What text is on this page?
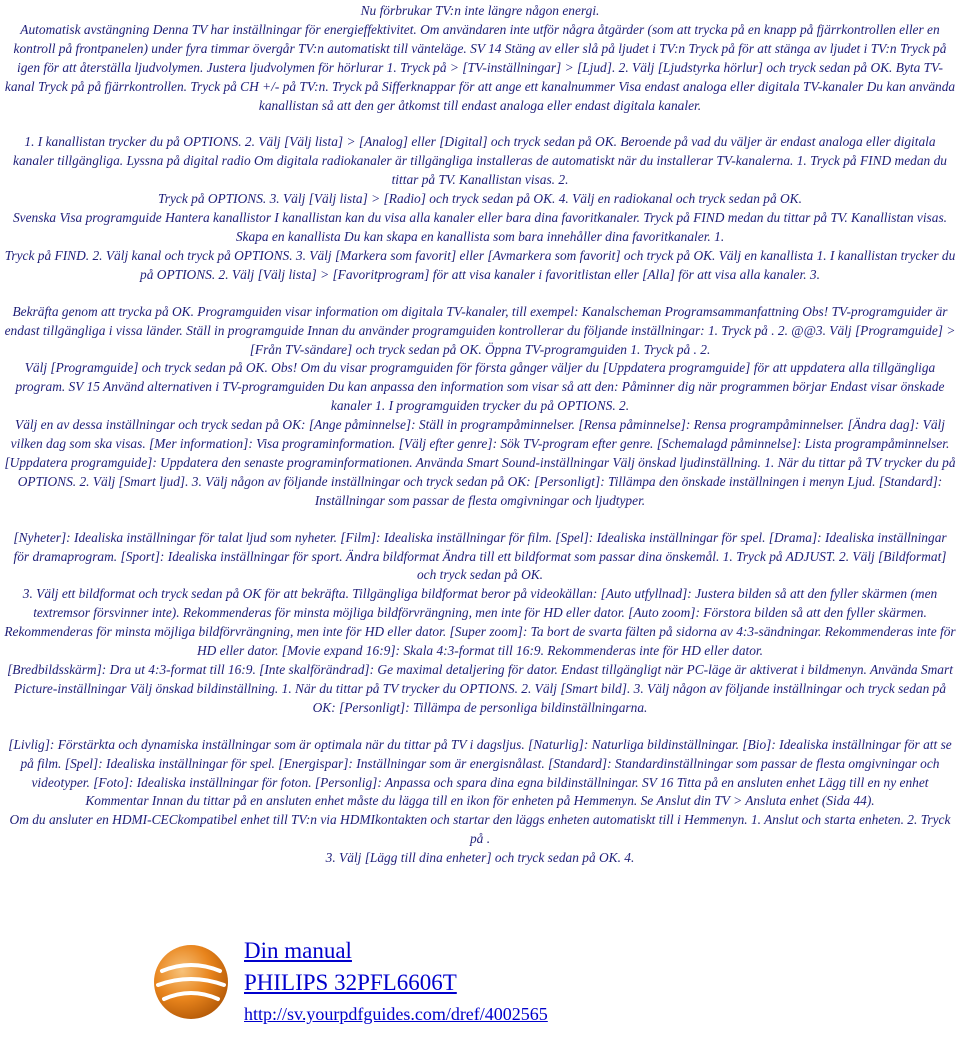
Nu förbrukar TV:n inte längre någon energi.

Automatisk avstängning Denna TV har inställningar för energieffektivitet. Om användaren inte utför några åtgärder (som att trycka på en knapp på fjärrkontrollen eller en kontroll på frontpanelen) under fyra timmar övergår TV:n automatiskt till vänteläge. SV 14 Stäng av eller slå på ljudet i TV:n Tryck på för att stänga av ljudet i TV:n Tryck på igen för att återställa ljudvolymen. Justera ljudvolymen för hörlurar 1. Tryck på > [TV-inställningar] > [Ljud]. 2. Välj [Ljudstyrka hörlur] och tryck sedan på OK. Byta TV-kanal Tryck på på fjärrkontrollen. Tryck på CH +/- på TV:n. Tryck på Sifferknappar för att ange ett kanalnummer Visa endast analoga eller digitala TV-kanaler Du kan använda kanallistan så att den ger åtkomst till endast analoga eller endast digitala kanaler.

1. I kanallistan trycker du på OPTIONS. 2. Välj [Välj lista] > [Analog] eller [Digital] och tryck sedan på OK. Beroende på vad du väljer är endast analoga eller digitala kanaler tillgängliga. Lyssna på digital radio Om digitala radiokanaler är tillgängliga installeras de automatiskt när du installerar TV-kanalerna. 1. Tryck på FIND medan du tittar på TV. Kanallistan visas. 2.

Tryck på OPTIONS. 3. Välj [Välj lista] > [Radio] och tryck sedan på OK. 4. Välj en radiokanal och tryck sedan på OK.

Svenska Visa programguide Hantera kanallistor I kanallistan kan du visa alla kanaler eller bara dina favoritkanaler. Tryck på FIND medan du tittar på TV. Kanallistan visas. Skapa en kanallista Du kan skapa en kanallista som bara innehåller dina favoritkanaler. 1.

Tryck på FIND. 2. Välj kanal och tryck på OPTIONS. 3. Välj [Markera som favorit] eller [Avmarkera som favorit] och tryck på OK. Välj en kanallista 1. I kanallistan trycker du på OPTIONS. 2. Välj [Välj lista] > [Favoritprogram] för att visa kanaler i favoritlistan eller [Alla] för att visa alla kanaler. 3.

Bekräfta genom att trycka på OK. Programguiden visar information om digitala TV-kanaler, till exempel: Kanalscheman Programsammanfattning Obs! TV-programguider är endast tillgängliga i vissa länder. Ställ in programguide Innan du använder programguiden kontrollerar du följande inställningar: 1. Tryck på . 2. @@3. Välj [Programguide] > [Från TV-sändare] och tryck sedan på OK. Öppna TV-programguiden 1. Tryck på . 2.

Välj [Programguide] och tryck sedan på OK. Obs! Om du visar programguiden för första gånger väljer du [Uppdatera programguide] för att uppdatera alla tillgängliga program. SV 15 Använd alternativen i TV-programguiden Du kan anpassa den information som visar så att den: Påminner dig när programmen börjar Endast visar önskade kanaler 1. I programguiden trycker du på OPTIONS. 2.

Välj en av dessa inställningar och tryck sedan på OK: [Ange påminnelse]: Ställ in programpåminnelser. [Rensa påminnelse]: Rensa programpåminnelser. [Ändra dag]: Välj vilken dag som ska visas. [Mer information]: Visa programinformation. [Välj efter genre]: Sök TV-program efter genre. [Schemalagd påminnelse]: Lista programpåminnelser. [Uppdatera programguide]: Uppdatera den senaste programinformationen. Använda Smart Sound-inställningar Välj önskad ljudinställning. 1. När du tittar på TV trycker du på OPTIONS. 2. Välj [Smart ljud]. 3. Välj någon av följande inställningar och tryck sedan på OK: [Personligt]: Tillämpa den önskade inställningen i menyn Ljud. [Standard]: Inställningar som passar de flesta omgivningar och ljudtyper.

[Nyheter]: Idealiska inställningar för talat ljud som nyheter. [Film]: Idealiska inställningar för film. [Spel]: Idealiska inställningar för spel. [Drama]: Idealiska inställningar för dramaprogram. [Sport]: Idealiska inställningar för sport. Ändra bildformat Ändra till ett bildformat som passar dina önskemål. 1. Tryck på ADJUST. 2. Välj [Bildformat] och tryck sedan på OK.

3. Välj ett bildformat och tryck sedan på OK för att bekräfta. Tillgängliga bildformat beror på videokällan: [Auto utfyllnad]: Justera bilden så att den fyller skärmen (men textremsor försvinner inte). Rekommenderas för minsta möjliga bildförvrängning, men inte för HD eller dator. [Auto zoom]: Förstora bilden så att den fyller skärmen.

Rekommenderas för minsta möjliga bildförvrängning, men inte för HD eller dator. [Super zoom]: Ta bort de svarta fälten på sidorna av 4:3-sändningar. Rekommenderas inte för HD eller dator. [Movie expand 16:9]: Skala 4:3-format till 16:9. Rekommenderas inte för HD eller dator.

[Bredbildsskärm]: Dra ut 4:3-format till 16:9. [Inte skalförändrad]: Ge maximal detaljering för dator. Endast tillgängligt när PC-läge är aktiverat i bildmenyn. Använda Smart Picture-inställningar Välj önskad bildinställning. 1. När du tittar på TV trycker du OPTIONS. 2. Välj [Smart bild]. 3. Välj någon av följande inställningar och tryck sedan på OK: [Personligt]: Tillämpa de personliga bildinställningarna.

[Livlig]: Förstärkta och dynamiska inställningar som är optimala när du tittar på TV i dagsljus. [Naturlig]: Naturliga bildinställningar. [Bio]: Idealiska inställningar för att se på film. [Spel]: Idealiska inställningar för spel. [Energispar]: Inställningar som är energisnålast. [Standard]: Standardinställningar som passar de flesta omgivningar och videotyper. [Foto]: Idealiska inställningar för foton. [Personlig]: Anpassa och spara dina egna bildinställningar. SV 16 Titta på en ansluten enhet Lägg till en ny enhet Kommentar Innan du tittar på en ansluten enhet måste du lägga till en ikon för enheten på Hemmenyn. Se Anslut din TV > Ansluta enhet (Sida 44).

Om du ansluter en HDMI-CECkompatibel enhet till TV:n via HDMIkontakten och startar den läggs enheten automatiskt till i Hemmenyn. 1. Anslut och starta enheten. 2. Tryck på .

3. Välj [Lägg till dina enheter] och tryck sedan på OK. 4.

Din manual
PHILIPS 32PFL6606T
http://sv.yourpdfguides.com/dref/4002565
